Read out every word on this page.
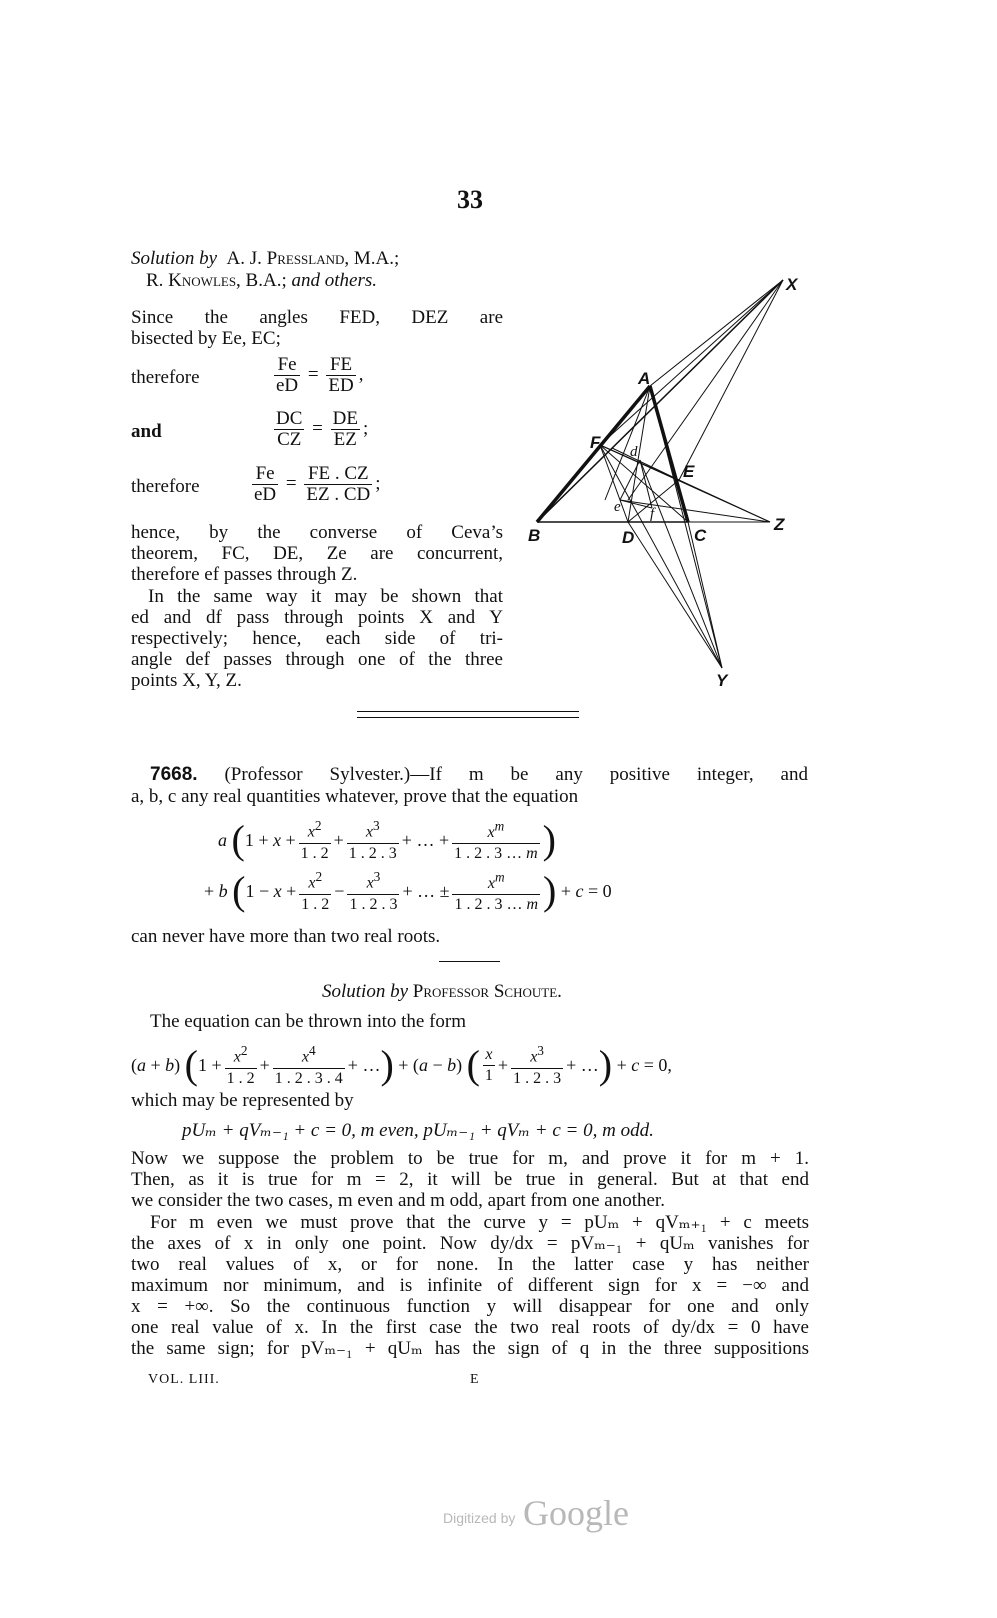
33
Solution by A. J. Pressland, M.A.;
R. Knowles, B.A.; and others.
Since the angles FED, DEZ are
bisected by Ee, EC;
therefore	$\frac{Fe}{eD} = \frac{FE}{ED}$ ,
and	$\frac{DC}{CZ} = \frac{DE}{EZ}$ ;
therefore	$\frac{Fe}{eD} = \frac{FE . CZ}{EZ . CD}$ ;
hence, by the converse of Ceva’s
theorem, FC, DE, Ze are concurrent,
therefore ef passes through Z.
In the same way it may be shown that
ed and df pass through points X and Y
respectively; hence, each side of tri-
angle def passes through one of the three
points X, Y, Z.
X
A
F
E
B	D	C
Z
Y
d
e f
7668. (Professor Sylvester.)—If m be any positive integer, and
a, b, c any real quantities whatever, prove that the equation
a
( $1 + x + \frac{x^2}{1 . 2} + \frac{x^3}{1 . 2 . 3}$ + … + $\frac{x^m}{1 . 2 . 3 \dots m}$ )
+ b
( $1 - x + \frac{x^2}{1 . 2} - \frac{x^3}{1 . 2 . 3}$ + … ± $\frac{x^m}{1 . 2 . 3 \dots m}$ )
+ c = 0
can never have more than two real roots.
Solution by Professor Schoute.
The equation can be thrown into the form
(a + b)
( $1 + \frac{x^2}{1 . 2} + \frac{x^4}{1 . 2 . 3 . 4}$ + … ) + (a − b) ( $\frac{x}{1} + \frac{x^3}{1 . 2 . 3}$ + … ) + c = 0,
which may be represented by
pUₘ + qVₘ₋₁ + c = 0, m even, pUₘ₋₁ + qVₘ + c = 0, m odd.
Now we suppose the problem to be true for m, and prove it for m + 1.
Then, as it is true for m = 2, it will be true in general. But at that end
we consider the two cases, m even and m odd, apart from one another.
For m even we must prove that the curve y = pUₘ + qVₘ₊₁ + c meets
the axes of x in only one point. Now dy/dx = pVₘ₋₁ + qUₘ vanishes for
two real values of x, or for none. In the latter case y has neither
maximum nor minimum, and is infinite of different sign for x = −∞ and
x = +∞. So the continuous function y will disappear for one and only
one real value of x. In the first case the two real roots of dy/dx = 0 have
the same sign; for pVₘ₋₁ + qUₘ has the sign of q in the three suppositions
VOL. LIII.	E
Digitized by Google
